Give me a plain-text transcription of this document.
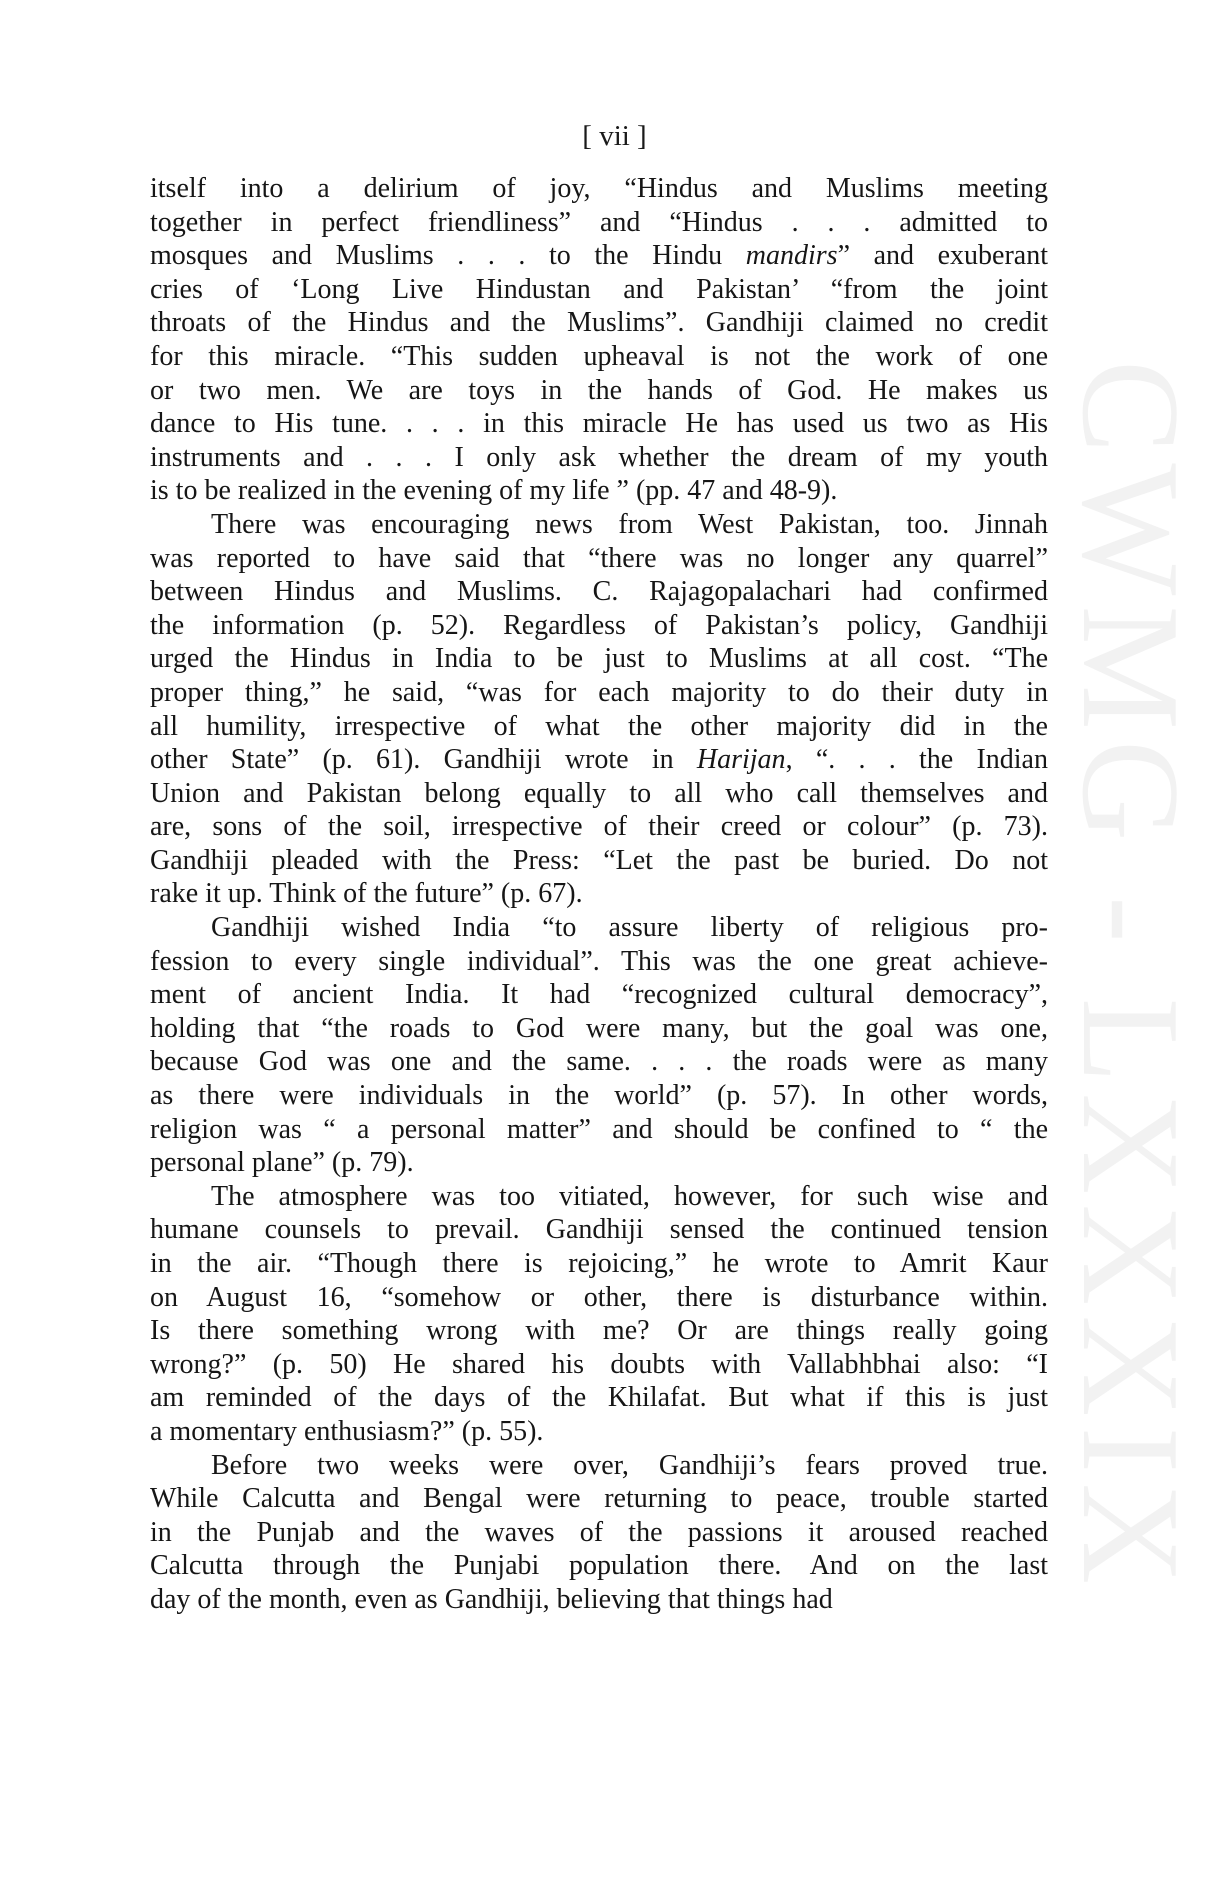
CWMG - LXXXIX
[ vii ]

itself into a delirium of joy, “Hindus and Muslims meeting
together in perfect friendliness” and “Hindus . . . admitted to
mosques and Muslims . . . to the Hindu mandirs” and exuberant
cries of ‘Long Live Hindustan and Pakistan’ “from the joint
throats of the Hindus and the Muslims”. Gandhiji claimed no credit
for this miracle. “This sudden upheaval is not the work of one
or two men. We are toys in the hands of God. He makes us
dance to His tune. . . . in this miracle He has used us two as His
instruments and . . . I only ask whether the dream of my youth
is to be realized in the evening of my life ” (pp. 47 and 48-9).

There was encouraging news from West Pakistan, too. Jinnah
was reported to have said that “there was no longer any quarrel”
between Hindus and Muslims. C. Rajagopalachari had confirmed
the information (p. 52). Regardless of Pakistan’s policy, Gandhiji
urged the Hindus in India to be just to Muslims at all cost. “The
proper thing,” he said, “was for each majority to do their duty in
all humility, irrespective of what the other majority did in the
other State” (p. 61). Gandhiji wrote in Harijan, “. . . the Indian
Union and Pakistan belong equally to all who call themselves and
are, sons of the soil, irrespective of their creed or colour” (p. 73).
Gandhiji pleaded with the Press: “Let the past be buried. Do not
rake it up. Think of the future” (p. 67).

Gandhiji wished India “to assure liberty of religious pro-
fession to every single individual”. This was the one great achieve-
ment of ancient India. It had “recognized cultural democracy”,
holding that “the roads to God were many, but the goal was one,
because God was one and the same. . . . the roads were as many
as there were individuals in the world” (p. 57). In other words,
religion was “ a personal matter” and should be confined to “ the
personal plane” (p. 79).

The atmosphere was too vitiated, however, for such wise and
humane counsels to prevail. Gandhiji sensed the continued tension
in the air. “Though there is rejoicing,” he wrote to Amrit Kaur
on August 16, “somehow or other, there is disturbance within.
Is there something wrong with me? Or are things really going
wrong?” (p. 50) He shared his doubts with Vallabhbhai also: “I
am reminded of the days of the Khilafat. But what if this is just
a momentary enthusiasm?” (p. 55).

Before two weeks were over, Gandhiji’s fears proved true.
While Calcutta and Bengal were returning to peace, trouble started
in the Punjab and the waves of the passions it aroused reached
Calcutta through the Punjabi population there. And on the last
day of the month, even as Gandhiji, believing that things had
